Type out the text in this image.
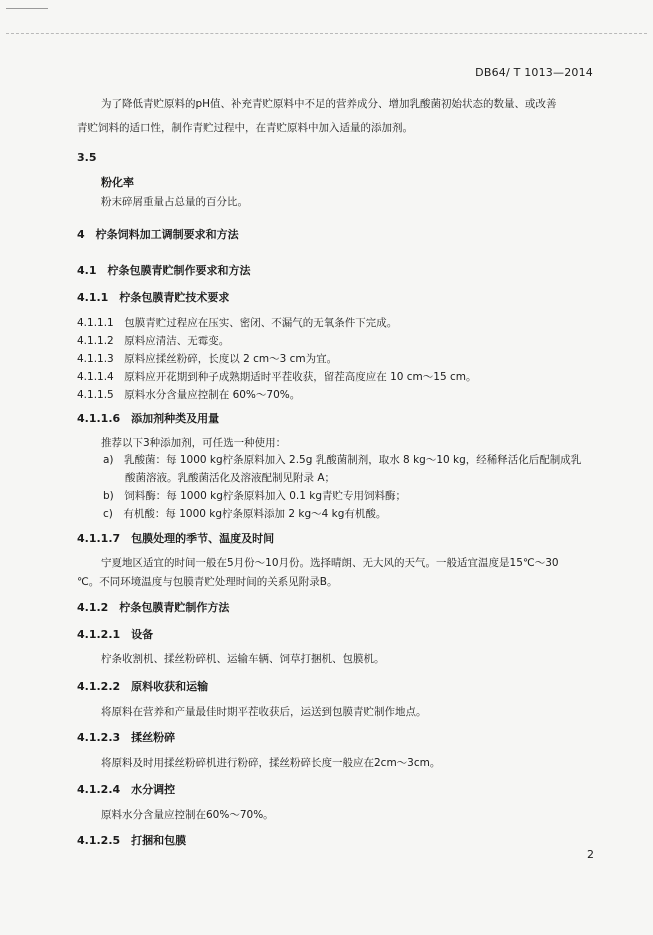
DB64/ T 1013—2014
为了降低青贮原料的pH值、补充青贮原料中不足的营养成分、增加乳酸菌初始状态的数量、或改善
青贮饲料的适口性，制作青贮过程中，在青贮原料中加入适量的添加剂。
3.5
粉化率
粉末碎屑重量占总量的百分比。
4　柠条饲料加工调制要求和方法
4.1　柠条包膜青贮制作要求和方法
4.1.1　柠条包膜青贮技术要求
4.1.1.1　包膜青贮过程应在压实、密闭、不漏气的无氧条件下完成。
4.1.1.2　原料应清洁、无霉变。
4.1.1.3　原料应揉丝粉碎，长度以 2 cm～3 cm为宜。
4.1.1.4　原料应开花期到种子成熟期适时平茬收获，留茬高度应在 10 cm～15 cm。
4.1.1.5　原料水分含量应控制在 60%～70%。
4.1.1.6　添加剂种类及用量
推荐以下3种添加剂，可任选一种使用：
a)　乳酸菌：每 1000 kg柠条原料加入 2.5g 乳酸菌制剂，取水 8 kg～10 kg，经稀释活化后配制成乳
酸菌溶液。乳酸菌活化及溶液配制见附录 A；
b)　饲料酶：每 1000 kg柠条原料加入 0.1 kg青贮专用饲料酶；
c)　有机酸：每 1000 kg柠条原料添加 2 kg～4 kg有机酸。
4.1.1.7　包膜处理的季节、温度及时间
宁夏地区适宜的时间一般在5月份～10月份。选择晴朗、无大风的天气。一般适宜温度是15℃～30
℃。不同环境温度与包膜青贮处理时间的关系见附录B。
4.1.2　柠条包膜青贮制作方法
4.1.2.1　设备
柠条收割机、揉丝粉碎机、运输车辆、饲草打捆机、包膜机。
4.1.2.2　原料收获和运输
将原料在营养和产量最佳时期平茬收获后，运送到包膜青贮制作地点。
4.1.2.3　揉丝粉碎
将原料及时用揉丝粉碎机进行粉碎，揉丝粉碎长度一般应在2cm～3cm。
4.1.2.4　水分调控
原料水分含量应控制在60%～70%。
4.1.2.5　打捆和包膜
2
